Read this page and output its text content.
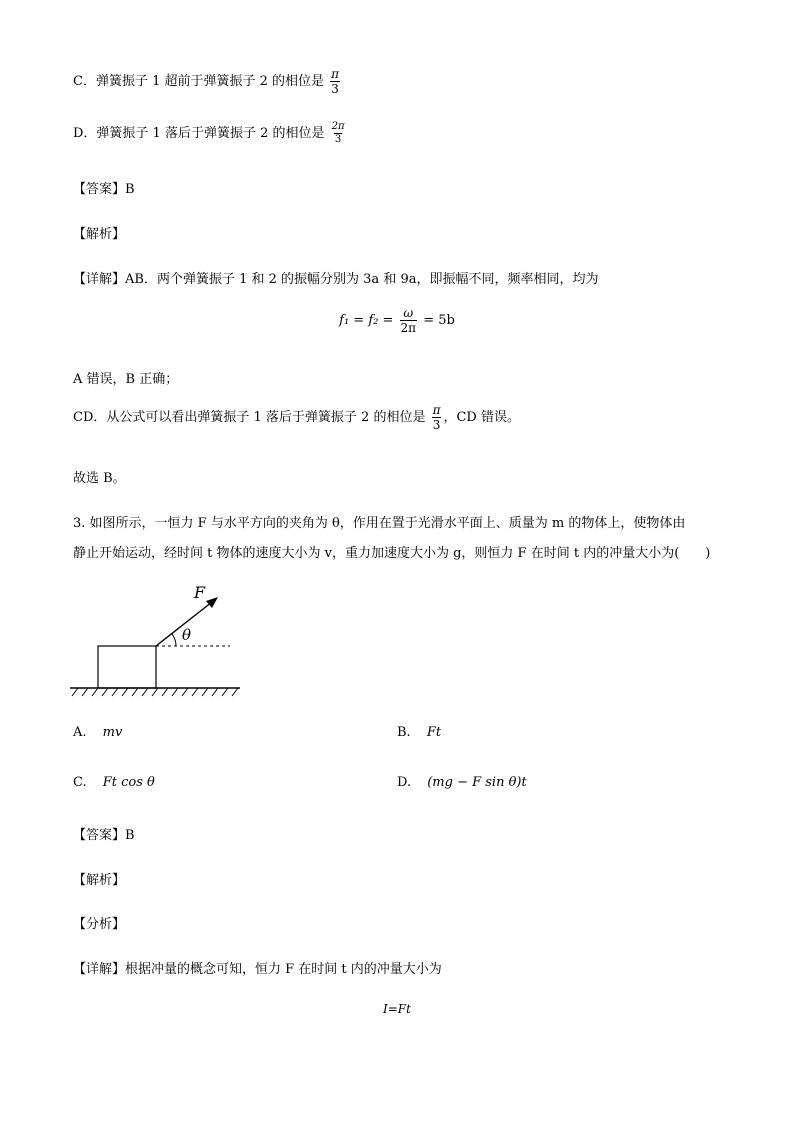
C．弹簧振子 1 超前于弹簧振子 2 的相位是 $\frac{\pi}{3}$
D．弹簧振子 1 落后于弹簧振子 2 的相位是 $\frac{2\pi}{3}$
【答案】B
【解析】
【详解】AB．两个弹簧振子 1 和 2 的振幅分别为 3a 和 9a，即振幅不同，频率相同，均为
$f_1 = f_2 = \frac{\omega}{2\pi} = 5b$
A 错误，B 正确；
CD．从公式可以看出弹簧振子 1 落后于弹簧振子 2 的相位是 $\frac{\pi}{3}$ ，CD 错误。
故选 B。
3. 如图所示，一恒力 F 与水平方向的夹角为 θ，作用在置于光滑水平面上、质量为 m 的物体上，使物体由
静止开始运动，经时间 t 物体的速度大小为 v，重力加速度大小为 g，则恒力 F 在时间 t 内的冲量大小为(　　)
F
θ
A. mv	B. Ft
C. Ft cos θ	D. (mg − F sin θ)t
【答案】B
【解析】
【分析】
【详解】根据冲量的概念可知，恒力 F 在时间 t 内的冲量大小为
I=Ft
